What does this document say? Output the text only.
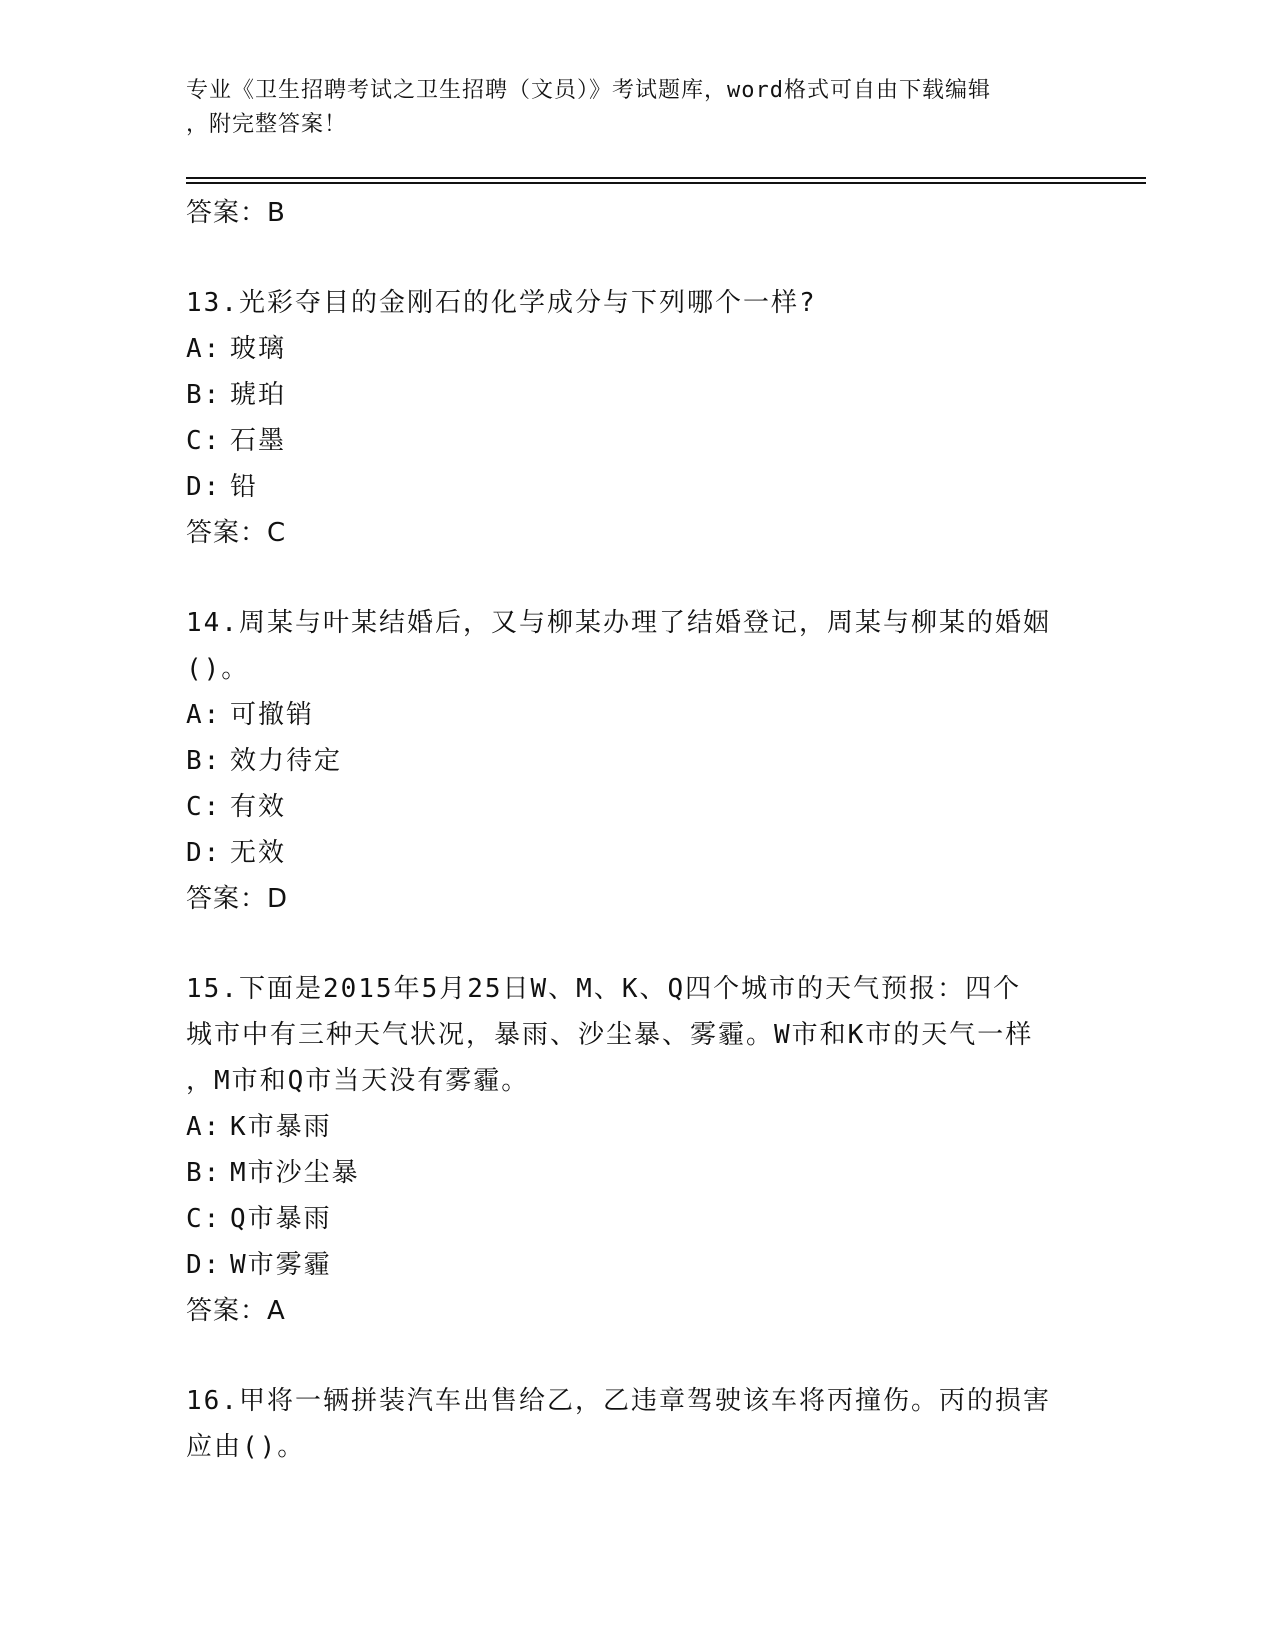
专业《卫生招聘考试之卫生招聘（文员）》考试题库，word格式可自由下载编辑
，附完整答案！

答案：B

13.光彩夺目的金刚石的化学成分与下列哪个一样?

A: 玻璃

B: 琥珀

C: 石墨

D: 铅

答案：C

14.周某与叶某结婚后，又与柳某办理了结婚登记，周某与柳某的婚姻

()。

A: 可撤销

B: 效力待定

C: 有效

D: 无效

答案：D

15.下面是2015年5月25日W、M、K、Q四个城市的天气预报：四个

城市中有三种天气状况，暴雨、沙尘暴、雾霾。W市和K市的天气一样

，M市和Q市当天没有雾霾。

A: K市暴雨

B: M市沙尘暴

C: Q市暴雨

D: W市雾霾

答案：A

16.甲将一辆拼装汽车出售给乙，乙违章驾驶该车将丙撞伤。丙的损害

应由()。
